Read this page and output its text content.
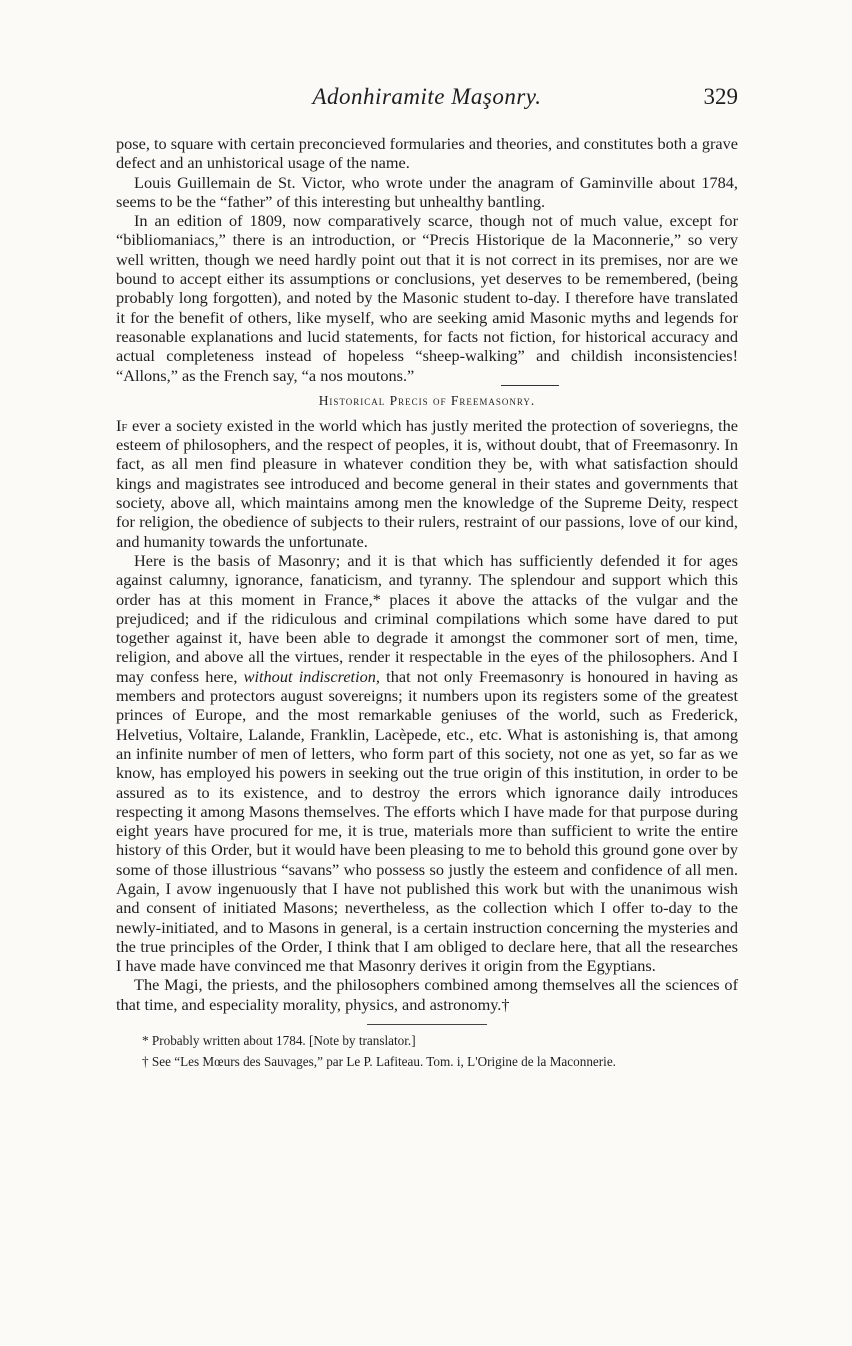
Adonhiramite Maşonry.	329

pose, to square with certain preconcieved formularies and theories, and constitutes both a grave defect and an unhistorical usage of the name.

Louis Guillemain de St. Victor, who wrote under the anagram of Gaminville about 1784, seems to be the “father” of this interesting but unhealthy bantling.

In an edition of 1809, now comparatively scarce, though not of much value, except for “bibliomaniacs,” there is an introduction, or “Precis Historique de la Maconnerie,” so very well written, though we need hardly point out that it is not correct in its premises, nor are we bound to accept either its assumptions or conclusions, yet deserves to be remembered, (being probably long forgotten), and noted by the Masonic student to-day. I therefore have translated it for the benefit of others, like myself, who are seeking amid Masonic myths and legends for reasonable explanations and lucid statements, for facts not fiction, for historical accuracy and actual completeness instead of hopeless “sheep-walking” and childish inconsistencies! “Allons,” as the French say, “a nos moutons.”

Historical Precis of Freemasonry.

If ever a society existed in the world which has justly merited the protection of soveriegns, the esteem of philosophers, and the respect of peoples, it is, without doubt, that of Freemasonry. In fact, as all men find pleasure in whatever condition they be, with what satisfaction should kings and magistrates see introduced and become general in their states and governments that society, above all, which maintains among men the knowledge of the Supreme Deity, respect for religion, the obedience of subjects to their rulers, restraint of our passions, love of our kind, and humanity towards the unfortunate.

Here is the basis of Masonry; and it is that which has sufficiently defended it for ages against calumny, ignorance, fanaticism, and tyranny. The splendour and support which this order has at this moment in France,* places it above the attacks of the vulgar and the prejudiced; and if the ridiculous and criminal compilations which some have dared to put together against it, have been able to degrade it amongst the commoner sort of men, time, religion, and above all the virtues, render it respectable in the eyes of the philosophers. And I may confess here, without indiscretion, that not only Freemasonry is honoured in having as members and protectors august sovereigns; it numbers upon its registers some of the greatest princes of Europe, and the most remarkable geniuses of the world, such as Frederick, Helvetius, Voltaire, Lalande, Franklin, Lacèpede, etc., etc. What is astonishing is, that among an infinite number of men of letters, who form part of this society, not one as yet, so far as we know, has employed his powers in seeking out the true origin of this institution, in order to be assured as to its existence, and to destroy the errors which ignorance daily introduces respecting it among Masons themselves. The efforts which I have made for that purpose during eight years have procured for me, it is true, materials more than sufficient to write the entire history of this Order, but it would have been pleasing to me to behold this ground gone over by some of those illustrious “savans” who possess so justly the esteem and confidence of all men. Again, I avow ingenuously that I have not published this work but with the unanimous wish and consent of initiated Masons; nevertheless, as the collection which I offer to-day to the newly-initiated, and to Masons in general, is a certain instruction concerning the mysteries and the true principles of the Order, I think that I am obliged to declare here, that all the researches I have made have convinced me that Masonry derives it origin from the Egyptians.

The Magi, the priests, and the philosophers combined among themselves all the sciences of that time, and especiality morality, physics, and astronomy.†

* Probably written about 1784. [Note by translator.]

† See “Les Mœurs des Sauvages,” par Le P. Lafiteau. Tom. i, L'Origine de la Maconnerie.
